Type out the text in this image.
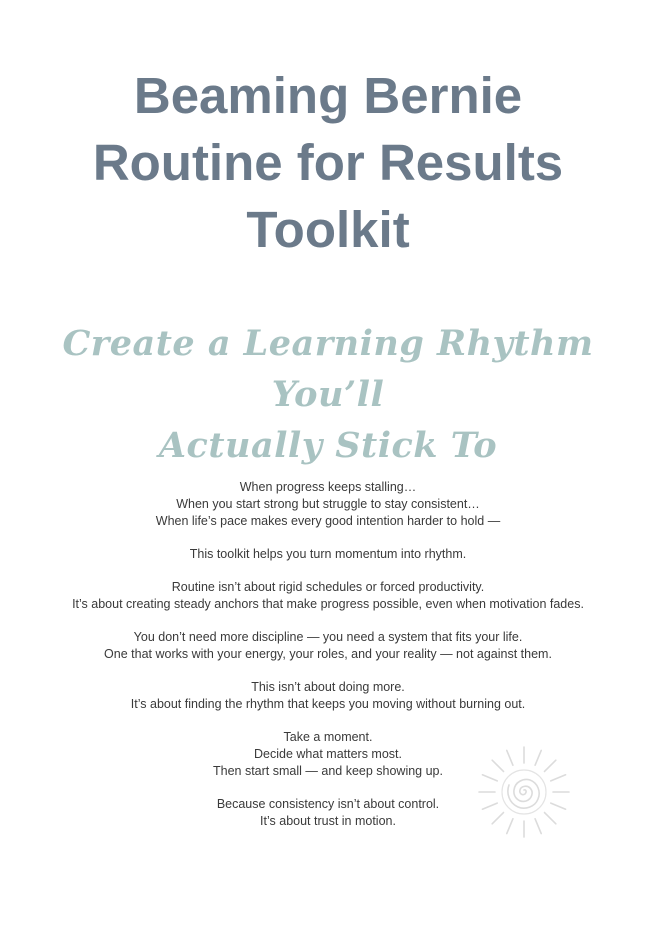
Beaming Bernie
Routine for Results
Toolkit
Create a Learning Rhythm You’ll
Actually Stick To

When progress keeps stalling…
When you start strong but struggle to stay consistent…
When life’s pace makes every good intention harder to hold —

This toolkit helps you turn momentum into rhythm.

Routine isn’t about rigid schedules or forced productivity.
It’s about creating steady anchors that make progress possible, even when motivation fades.

You don’t need more discipline — you need a system that fits your life.
One that works with your energy, your roles, and your reality — not against them.

This isn’t about doing more.
It’s about finding the rhythm that keeps you moving without burning out.

Take a moment.
Decide what matters most.
Then start small — and keep showing up.

Because consistency isn’t about control.
It’s about trust in motion.
